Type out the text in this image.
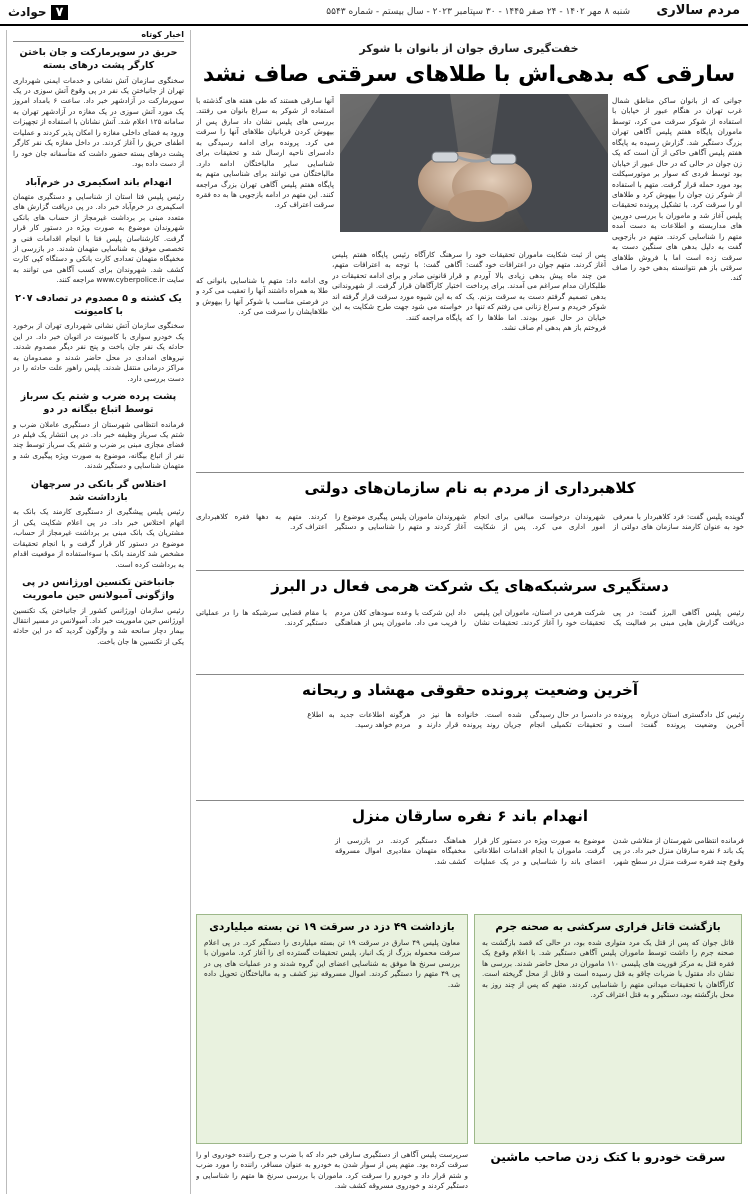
مردم سالاری
شنبه ۸ مهر ۱۴۰۲ - ۲۴ صفر ۱۴۴۵ - ۳۰ سپتامبر ۲۰۲۳ - سال بیستم - شماره ۵۵۴۳
۷
حوادث
اخبار کوتاه
حریق در سوپرمارکت و جان باختن کارگر پشت درهای بسته
سخنگوی سازمان آتش نشانی و خدمات ایمنی شهرداری تهران از جانباختن یک نفر در پی وقوع آتش سوزی در یک سوپرمارکت در آزادشهر خبر داد. ساعت ۶ بامداد امروز یک مورد آتش سوزی در یک مغازه در آزادشهر تهران به سامانه ۱۲۵ اعلام شد. آتش نشانان با استفاده از تجهیزات ورود به فضای داخلی مغازه را امکان پذیر کردند و عملیات اطفای حریق را آغاز کردند. در داخل مغازه یک نفر کارگر پشت درهای بسته حضور داشت که متأسفانه جان خود را از دست داده بود.
انهدام باند اسکیمری در خرم‌آباد
رئیس پلیس فتا استان از شناسایی و دستگیری متهمان اسکیمری در خرم‌آباد خبر داد. در پی دریافت گزارش های متعدد مبنی بر برداشت غیرمجاز از حساب های بانکی شهروندان موضوع به صورت ویژه در دستور کار قرار گرفت. کارشناسان پلیس فتا با انجام اقدامات فنی و تخصصی موفق به شناسایی متهمان شدند. در بازرسی از مخفیگاه متهمان تعدادی کارت بانکی و دستگاه کپی کارت کشف شد. شهروندان برای کسب آگاهی می توانند به سایت www.cyberpolice.ir مراجعه کنند.
یک کشته و ۵ مصدوم در تصادف ۲۰۷ با کامیونت
سخنگوی سازمان آتش نشانی شهرداری تهران از برخورد یک خودرو سواری با کامیونت در اتوبان خبر داد. در این حادثه یک نفر جان باخت و پنج نفر دیگر مصدوم شدند. نیروهای امدادی در محل حاضر شدند و مصدومان به مراکز درمانی منتقل شدند. پلیس راهور علت حادثه را در دست بررسی دارد.
پشت پرده ضرب و شتم یک سرباز توسط اتباع بیگانه در دو
فرمانده انتظامی شهرستان از دستگیری عاملان ضرب و شتم یک سرباز وظیفه خبر داد. در پی انتشار یک فیلم در فضای مجازی مبنی بر ضرب و شتم یک سرباز توسط چند نفر از اتباع بیگانه، موضوع به صورت ویژه پیگیری شد و متهمان شناسایی و دستگیر شدند.
اختلاس گر بانکی در سرچهان بازداشت شد
رئیس پلیس پیشگیری از دستگیری کارمند یک بانک به اتهام اختلاس خبر داد. در پی اعلام شکایت یکی از مشتریان یک بانک مبنی بر برداشت غیرمجاز از حساب، موضوع در دستور کار قرار گرفت و با انجام تحقیقات مشخص شد کارمند بانک با سوءاستفاده از موقعیت اقدام به برداشت کرده است.
جانباختن تکنسین اورژانس در پی واژگونی آمبولانس حین ماموریت
رئیس سازمان اورژانس کشور از جانباختن یک تکنسین اورژانس حین ماموریت خبر داد. آمبولانس در مسیر انتقال بیمار دچار سانحه شد و واژگون گردید که در این حادثه یکی از تکنسین ها جان باخت.
خفت‌گیری سارق جوان از بانوان با شوکر
سارقی که بدهی‌اش با طلاهای سرقتی صاف نشد
جوانی که از بانوان ساکن مناطق شمال غرب تهران در هنگام عبور از خیابان با استفاده از شوکر سرقت می کرد، توسط ماموران پایگاه هفتم پلیس آگاهی تهران بزرگ دستگیر شد. گزارش رسیده به پایگاه هفتم پلیس آگاهی حاکی از آن است که یک زن جوان در حالی که در حال عبور از خیابان بود توسط فردی که سوار بر موتورسیکلت بود مورد حمله قرار گرفت. متهم با استفاده از شوکر زن جوان را بیهوش کرد و طلاهای او را سرقت کرد. با تشکیل پرونده تحقیقات پلیس آغاز شد و ماموران با بررسی دوربین های مداربسته و اطلاعات به دست آمده متهم را شناسایی کردند. متهم در بازجویی گفت به دلیل بدهی های سنگین دست به سرقت زده است اما با فروش طلاهای سرقتی باز هم نتوانسته بدهی خود را صاف کند.
آنها سارقی هستند که طی هفته های گذشته با استفاده از شوکر به سراغ بانوان می رفتند. بررسی های پلیس نشان داد سارق پس از بیهوش کردن قربانیان طلاهای آنها را سرقت می کرد. پرونده برای ادامه رسیدگی به دادسرای ناحیه ارسال شد و تحقیقات برای شناسایی سایر مالباختگان ادامه دارد. مالباختگان می توانند برای شناسایی متهم به پایگاه هفتم پلیس آگاهی تهران بزرگ مراجعه کنند. این متهم در ادامه بازجویی ها به ده فقره سرقت اعتراف کرد.
پس از ثبت شکایت ماموران تحقیقات خود را آغاز کردند. متهم جوان در اعترافات خود گفت: من چند ماه پیش بدهی زیادی بالا آوردم و طلبکاران مدام سراغم می آمدند. برای پرداخت بدهی تصمیم گرفتم دست به سرقت بزنم. یک شوکر خریدم و سراغ زنانی می رفتم که تنها در خیابان در حال عبور بودند. اما طلاها را که فروختم باز هم بدهی ام صاف نشد.
سرهنگ کارآگاه رئیس پایگاه هفتم پلیس آگاهی گفت: با توجه به اعترافات متهم، قرار قانونی صادر و برای ادامه تحقیقات در اختیار کارآگاهان قرار گرفت. از شهروندانی که به این شیوه مورد سرقت قرار گرفته اند خواسته می شود جهت طرح شکایت به این پایگاه مراجعه کنند.
وی ادامه داد: متهم با شناسایی بانوانی که طلا به همراه داشتند آنها را تعقیب می کرد و در فرصتی مناسب با شوکر آنها را بیهوش و طلاهایشان را سرقت می کرد.
کلاهبرداری از مردم به نام سازمان‌های دولتی
گوینده پلیس گفت: فرد کلاهبردار با معرفی خود به عنوان کارمند سازمان های دولتی از شهروندان درخواست مبالغی برای انجام امور اداری می کرد. پس از شکایت شهروندان ماموران پلیس پیگیری موضوع را آغاز کردند و متهم را شناسایی و دستگیر کردند. متهم به دهها فقره کلاهبرداری اعتراف کرد.
دستگیری سرشبکه‌های یک شرکت هرمی فعال در البرز
رئیس پلیس آگاهی البرز گفت: در پی دریافت گزارش هایی مبنی بر فعالیت یک شرکت هرمی در استان، ماموران این پلیس تحقیقات خود را آغاز کردند. تحقیقات نشان داد این شرکت با وعده سودهای کلان مردم را فریب می داد. ماموران پس از هماهنگی با مقام قضایی سرشبکه ها را در عملیاتی دستگیر کردند.
آخرین وضعیت پرونده حقوقی مهشاد و ریحانه
رئیس کل دادگستری استان درباره آخرین وضعیت پرونده گفت: پرونده در دادسرا در حال رسیدگی است و تحقیقات تکمیلی انجام شده است. خانواده ها نیز در جریان روند پرونده قرار دارند و هرگونه اطلاعات جدید به اطلاع مردم خواهد رسید.
انهدام باند ۶ نفره سارقان منزل
فرمانده انتظامی شهرستان از متلاشی شدن یک باند ۶ نفره سارقان منزل خبر داد. در پی وقوع چند فقره سرقت منزل در سطح شهر، موضوع به صورت ویژه در دستور کار قرار گرفت. ماموران با انجام اقدامات اطلاعاتی اعضای باند را شناسایی و در یک عملیات هماهنگ دستگیر کردند. در بازرسی از مخفیگاه متهمان مقادیری اموال مسروقه کشف شد.
بازگشت قاتل فراری سرکشی به صحنه جرم
قاتل جوان که پس از قتل یک مرد متواری شده بود، در حالی که قصد بازگشت به صحنه جرم را داشت توسط ماموران پلیس آگاهی دستگیر شد. با اعلام وقوع یک فقره قتل به مرکز فوریت های پلیسی ۱۱۰ ماموران در محل حاضر شدند. بررسی ها نشان داد مقتول با ضربات چاقو به قتل رسیده است و قاتل از محل گریخته است. کارآگاهان با تحقیقات میدانی متهم را شناسایی کردند. متهم که پس از چند روز به محل بازگشته بود، دستگیر و به قتل اعتراف کرد.
بازداشت ۴۹ دزد در سرقت ۱۹ تن بسته میلیاردی
معاون پلیس ۴۹ سارق در سرقت ۱۹ تن بسته میلیاردی را دستگیر کرد. در پی اعلام سرقت محموله بزرگ از یک انبار، پلیس تحقیقات گسترده ای را آغاز کرد. ماموران با بررسی سرنخ ها موفق به شناسایی اعضای این گروه شدند و در عملیات های پی در پی ۴۹ متهم را دستگیر کردند. اموال مسروقه نیز کشف و به مالباختگان تحویل داده شد.
سرقت خودرو با کتک زدن صاحب ماشین
سرپرست پلیس آگاهی از دستگیری سارقی خبر داد که با ضرب و جرح راننده خودروی او را سرقت کرده بود. متهم پس از سوار شدن به خودرو به عنوان مسافر، راننده را مورد ضرب و شتم قرار داد و خودرو را سرقت کرد. ماموران با بررسی سرنخ ها متهم را شناسایی و دستگیر کردند و خودروی مسروقه کشف شد.
